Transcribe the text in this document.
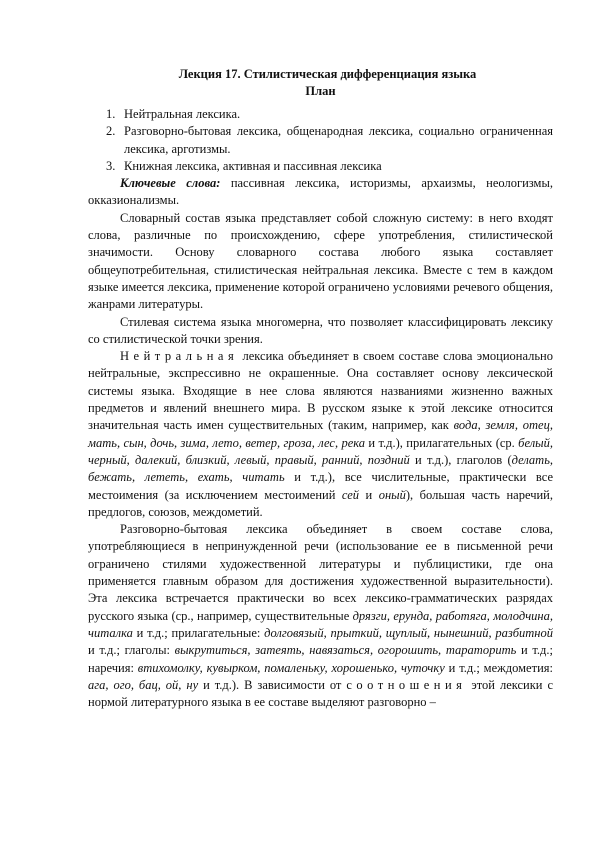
Лекция 17. Стилистическая дифференциация языка

План

1. Нейтральная лексика.
2. Разговорно-бытовая лексика, общенародная лексика, социально ограниченная лексика, арготизмы.
3. Книжная лексика, активная и пассивная лексика

Ключевые слова: пассивная лексика, историзмы, архаизмы, неологизмы, окказионализмы.

Словарный состав языка представляет собой сложную систему: в него входят слова, различные по происхождению, сфере употребления, стилистической значимости. Основу словарного состава любого языка составляет общеупотребительная, стилистическая нейтральная лексика. Вместе с тем в каждом языке имеется лексика, применение которой ограничено условиями речевого общения, жанрами литературы.

Стилевая система языка многомерна, что позволяет классифицировать лексику со стилистической точки зрения.

Нейтральная лексика объединяет в своем составе слова эмоционально нейтральные, экспрессивно не окрашенные. Она составляет основу лексической системы языка. Входящие в нее слова являются названиями жизненно важных предметов и явлений внешнего мира. В русском языке к этой лексике относится значительная часть имен существительных (таким, например, как вода, земля, отец, мать, сын, дочь, зима, лето, ветер, гроза, лес, река и т.д.), прилагательных (ср. белый, черный, далекий, близкий, левый, правый, ранний, поздний и т.д.), глаголов (делать, бежать, лететь, ехать, читать и т.д.), все числительные, практически все местоимения (за исключением местоимений сей и оный), большая часть наречий, предлогов, союзов, междометий.

Разговорно-бытовая лексика объединяет в своем составе слова, употребляющиеся в непринужденной речи (использование ее в письменной речи ограничено стилями художественной литературы и публицистики, где она применяется главным образом для достижения художественной выразительности). Эта лексика встречается практически во всех лексико-грамматических разрядах русского языка (ср., например, существительные дрязги, ерунда, работяга, молодчина, читалка и т.д.; прилагательные: долговязый, прыткий, щуплый, нынешний, разбитной и т.д.; глаголы: выкрутиться, затеять, навязаться, огорошить, тараторить и т.д.; наречия: втихомолку, кувырком, помаленьку, хорошенько, чуточку и т.д.; междометия: ага, ого, бац, ой, ну и т.д.). В зависимости от соотношения этой лексики с нормой литературного языка в ее составе выделяют разговорно –
